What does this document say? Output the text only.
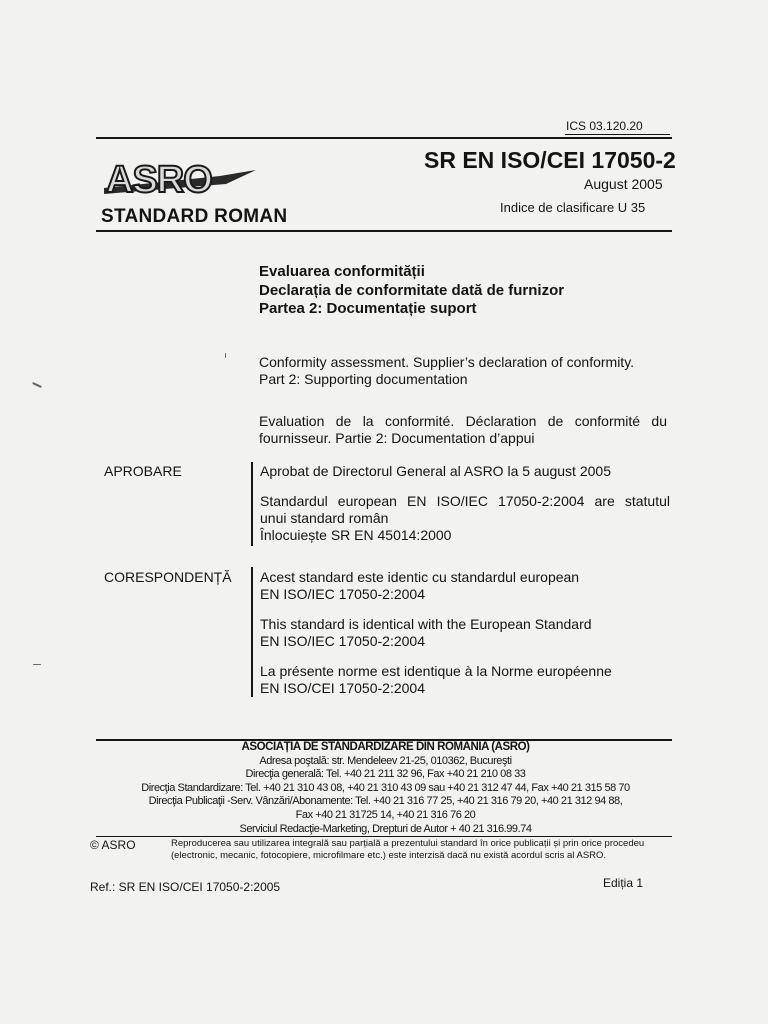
ICS 03.120.20
ASRO
STANDARD ROMAN
SR EN ISO/CEI 17050-2
August 2005
Indice de clasificare U 35
Evaluarea conformității
Declarația de conformitate dată de furnizor
Partea 2: Documentație suport
Conformity assessment. Supplier’s declaration of conformity.
Part 2: Supporting documentation
Evaluation de la conformité. Déclaration de conformité du
fournisseur. Partie 2: Documentation d’appui
APROBARE	Aprobat de Directorul General al ASRO la 5 august 2005
Standardul european EN ISO/IEC 17050-2:2004 are statutul
unui standard român
Înlocuiește SR EN 45014:2000
CORESPONDENȚĂ Acest standard este identic cu standardul european
EN ISO/IEC 17050-2:2004
This standard is identical with the European Standard
EN ISO/IEC 17050-2:2004
La présente norme est identique à la Norme européenne
EN ISO/CEI 17050-2:2004
ASOCIAȚIA DE STANDARDIZARE DIN ROMÂNIA (ASRO)
Adresa poştală: str. Mendeleev 21-25, 010362, Bucureşti
Direcţia generală: Tel. +40 21 211 32 96, Fax +40 21 210 08 33
Direcţia Standardizare: Tel. +40 21 310 43 08, +40 21 310 43 09 sau +40 21 312 47 44, Fax +40 21 315 58 70
Direcţia Publicaţii -Serv. Vânzări/Abonamente: Tel. +40 21 316 77 25, +40 21 316 79 20, +40 21 312 94 88,
Fax +40 21 31725 14, +40 21 316 76 20
Serviciul Redacţie-Marketing, Drepturi de Autor + 40 21 316.99.74
© ASRO	Reproducerea sau utilizarea integrală sau parțială a prezentului standard în orice publicații și prin orice procedeu
(electronic, mecanic, fotocopiere, microfilmare etc.) este interzisă dacă nu există acordul scris al ASRO.
Ref.: SR EN ISO/CEI 17050-2:2005	Ediția 1
